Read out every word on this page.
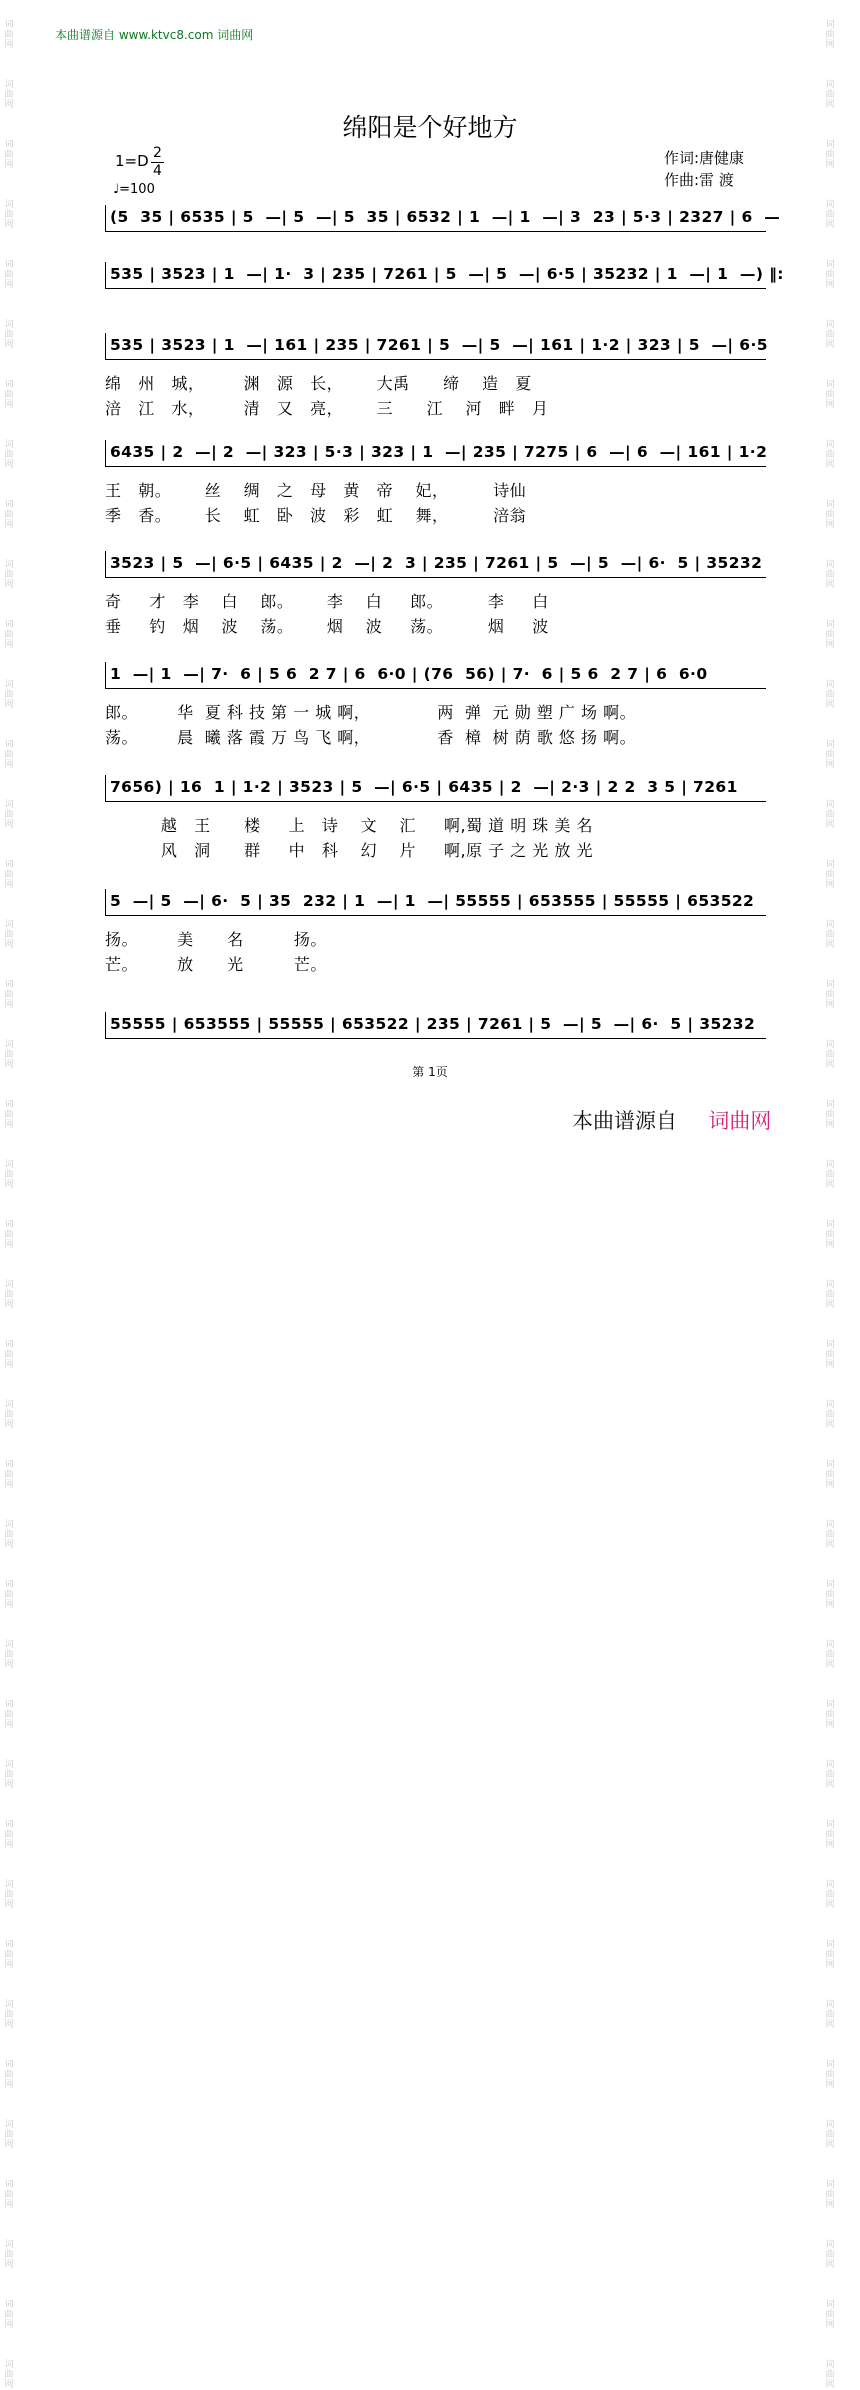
词
曲
网

词
曲
网

词
曲
网

词
曲
网

词
曲
网

词
曲
网

词
曲
网

词
曲
网

词
曲
网

词
曲
网

词
曲
网

词
曲
网

词
曲
网

词
曲
网

词
曲
网

词
曲
网

词
曲
网

词
曲
网

词
曲
网

词
曲
网

词
曲
网

词
曲
网

词
曲
网

词
曲
网

词
曲
网

词
曲
网

词
曲
网

词
曲
网

词
曲
网

词
曲
网

词
曲
网

词
曲
网

词
曲
网

词
曲
网

词
曲
网

词
曲
网

词
曲
网

词
曲
网

词
曲
网

词
曲
网

词
曲
网

词
曲
网

词
曲
网

词
曲
网

词
曲
网

词
曲
网

词
曲
网

词
曲
网

词
曲
网

词
曲
网

词
曲
网

词
曲
网

词
曲
网

词
曲
网

词
曲
网

词
曲
网

词
曲
网

词
曲
网

词
曲
网

词
曲
网

词
曲
网

词
曲
网

词
曲
网

词
曲
网

词
曲
网

词
曲
网

词
曲
网

词
曲
网

词
曲
网

词
曲
网

词
曲
网

词
曲
网

词
曲
网

词
曲
网

词
曲
网

词
曲
网

词
曲
网

词
曲
网

词
曲
网

词
曲
网

本曲谱源自 www.ktvc8.com 词曲网
绵阳是个好地方
$1=D \frac{2}{4}$
♩=100
作词:唐健康
作曲:雷 渡
(5  35 | 6535 | 5  —| 5  —| 5  35 | 6532 | 1  —| 1  —| 3  23 | 5·3 | 2327 | 6  —
535 | 3523 | 1  —| 1·  3 | 235 | 7261 | 5  —| 5  —| 6·5 | 35232 | 1  —| 1  —) ‖:
535 | 3523 | 1  —| 161 | 235 | 7261 | 5  —| 5  —| 161 | 1·2 | 323 | 5  —| 6·5
绵   州   城，       渊   源   长，      大禹      缔    造   夏
涪   江   水，       清   又   亮，      三      江    河   畔   月
6435 | 2  —| 2  —| 323 | 5·3 | 323 | 1  —| 235 | 7275 | 6  —| 6  —| 161 | 1·2
王   朝。      丝    绸   之   母   黄   帝    妃，        诗仙
季   香。      长    虹   卧   波   彩   虹    舞，        涪翁
3523 | 5  —| 6·5 | 6435 | 2  —| 2  3 | 235 | 7261 | 5  —| 5  —| 6·  5 | 35232
奇     才   李    白    郎。      李    白     郎。        李     白
垂     钓   烟    波    荡。      烟    波     荡。        烟     波
1  —| 1  —| 7·  6 | 5 6  2 7 | 6  6·0 | (76  56) | 7·  6 | 5 6  2 7 | 6  6·0
郎。       华  夏 科 技 第 一 城 啊，            两  弹  元 勋 塑 广 场 啊。
荡。       晨  曦 落 霞 万 鸟 飞 啊，            香  樟  树 荫 歌 悠 扬 啊。
7656) | 16  1 | 1·2 | 3523 | 5  —| 6·5 | 6435 | 2  —| 2·3 | 2 2  3 5 | 7261
越   王      楼     上   诗    文    汇     啊,蜀 道 明 珠 美 名
风   洞      群     中   科    幻    片     啊,原 子 之 光 放 光
5  —| 5  —| 6·  5 | 35  232 | 1  —| 1  —| 55555 | 653555 | 55555 | 653522
扬。       美      名         扬。
芒。       放      光         芒。
55555 | 653555 | 55555 | 653522 | 235 | 7261 | 5  —| 5  —| 6·  5 | 35232
第 1页
本曲谱源自 词曲网
